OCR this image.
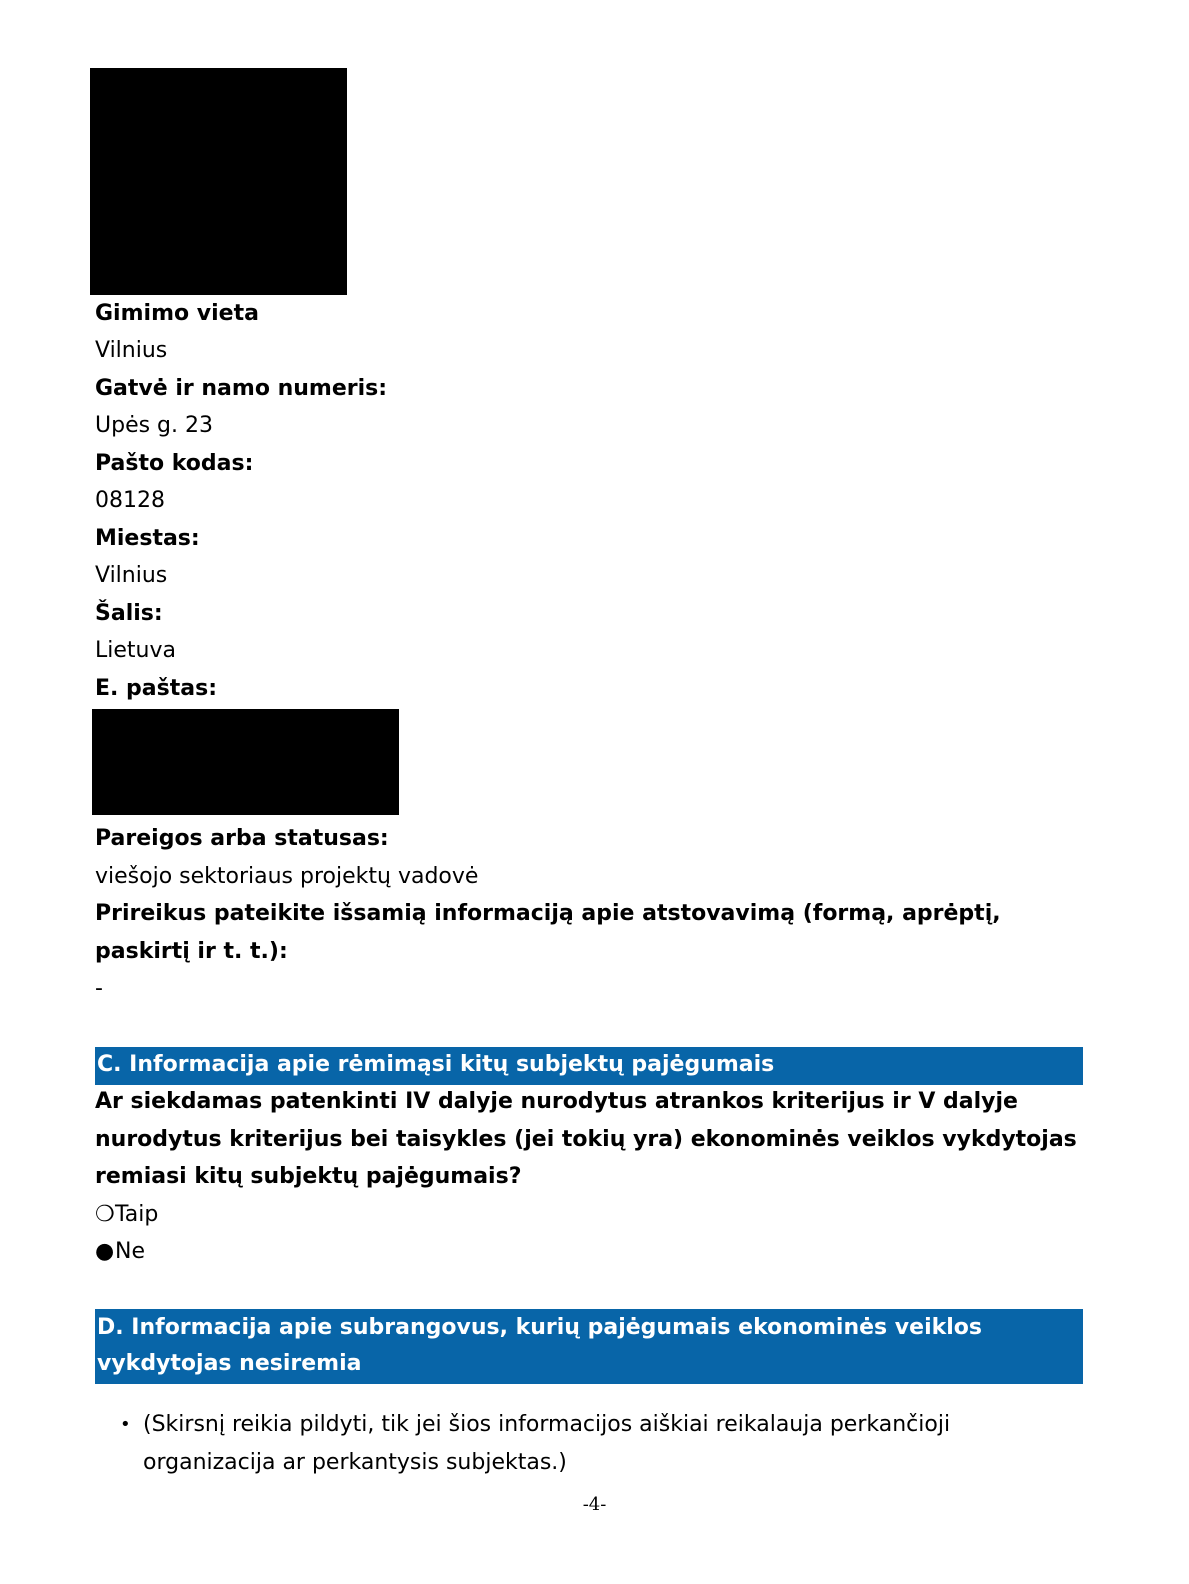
Gimimo vieta
Vilnius
Gatvė ir namo numeris:
Upės g. 23
Pašto kodas:
08128
Miestas:
Vilnius
Šalis:
Lietuva
E. paštas:
Pareigos arba statusas:
viešojo sektoriaus projektų vadovė

Prireikus pateikite išsamią informaciją apie atstovavimą (formą, aprėptį, paskirtį ir t. t.):

-
C. Informacija apie rėmimąsi kitų subjektų pajėgumais

Ar siekdamas patenkinti IV dalyje nurodytus atrankos kriterijus ir V dalyje nurodytus kriterijus bei taisykles (jei tokių yra) ekonominės veiklos vykdytojas remiasi kitų subjektų pajėgumais?

❍Taip
●Ne
D. Informacija apie subrangovus, kurių pajėgumais ekonominės veiklos vykdytojas nesiremia
• (Skirsnį reikia pildyti, tik jei šios informacijos aiškiai reikalauja perkančioji organizacija ar perkantysis subjektas.)
-4-
